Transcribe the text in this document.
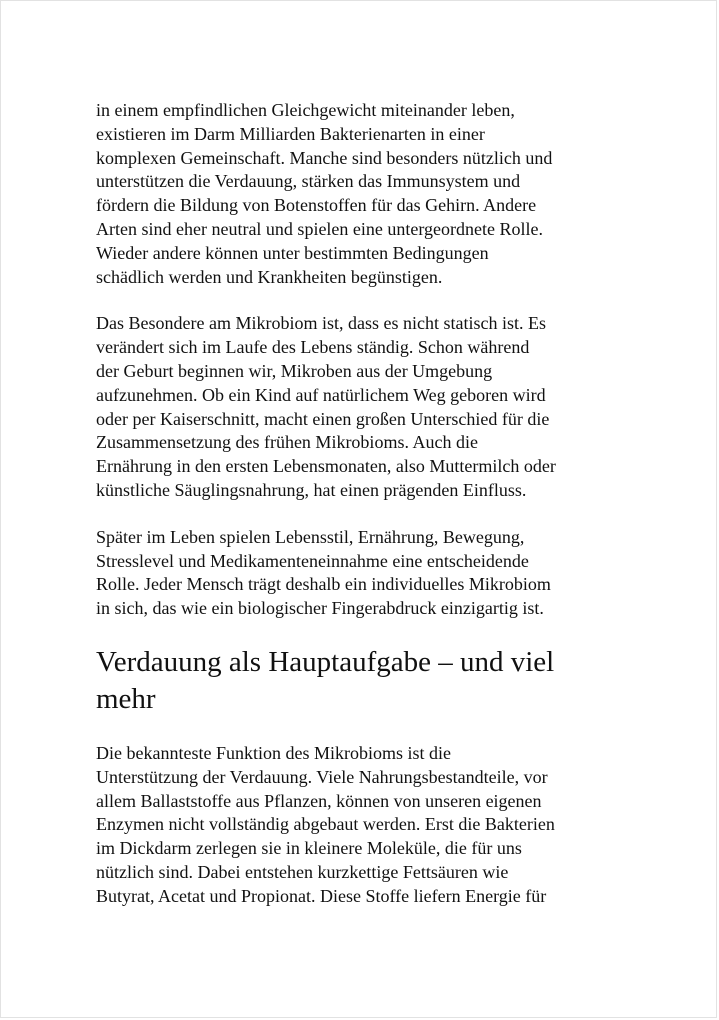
in einem empfindlichen Gleichgewicht miteinander leben,
existieren im Darm Milliarden Bakterienarten in einer
komplexen Gemeinschaft. Manche sind besonders nützlich und
unterstützen die Verdauung, stärken das Immunsystem und
fördern die Bildung von Botenstoffen für das Gehirn. Andere
Arten sind eher neutral und spielen eine untergeordnete Rolle.
Wieder andere können unter bestimmten Bedingungen
schädlich werden und Krankheiten begünstigen.

Das Besondere am Mikrobiom ist, dass es nicht statisch ist. Es
verändert sich im Laufe des Lebens ständig. Schon während
der Geburt beginnen wir, Mikroben aus der Umgebung
aufzunehmen. Ob ein Kind auf natürlichem Weg geboren wird
oder per Kaiserschnitt, macht einen großen Unterschied für die
Zusammensetzung des frühen Mikrobioms. Auch die
Ernährung in den ersten Lebensmonaten, also Muttermilch oder
künstliche Säuglingsnahrung, hat einen prägenden Einfluss.

Später im Leben spielen Lebensstil, Ernährung, Bewegung,
Stresslevel und Medikamenteneinnahme eine entscheidende
Rolle. Jeder Mensch trägt deshalb ein individuelles Mikrobiom
in sich, das wie ein biologischer Fingerabdruck einzigartig ist.

Verdauung als Hauptaufgabe – und viel
mehr

Die bekannteste Funktion des Mikrobioms ist die
Unterstützung der Verdauung. Viele Nahrungsbestandteile, vor
allem Ballaststoffe aus Pflanzen, können von unseren eigenen
Enzymen nicht vollständig abgebaut werden. Erst die Bakterien
im Dickdarm zerlegen sie in kleinere Moleküle, die für uns
nützlich sind. Dabei entstehen kurzkettige Fettsäuren wie
Butyrat, Acetat und Propionat. Diese Stoffe liefern Energie für
